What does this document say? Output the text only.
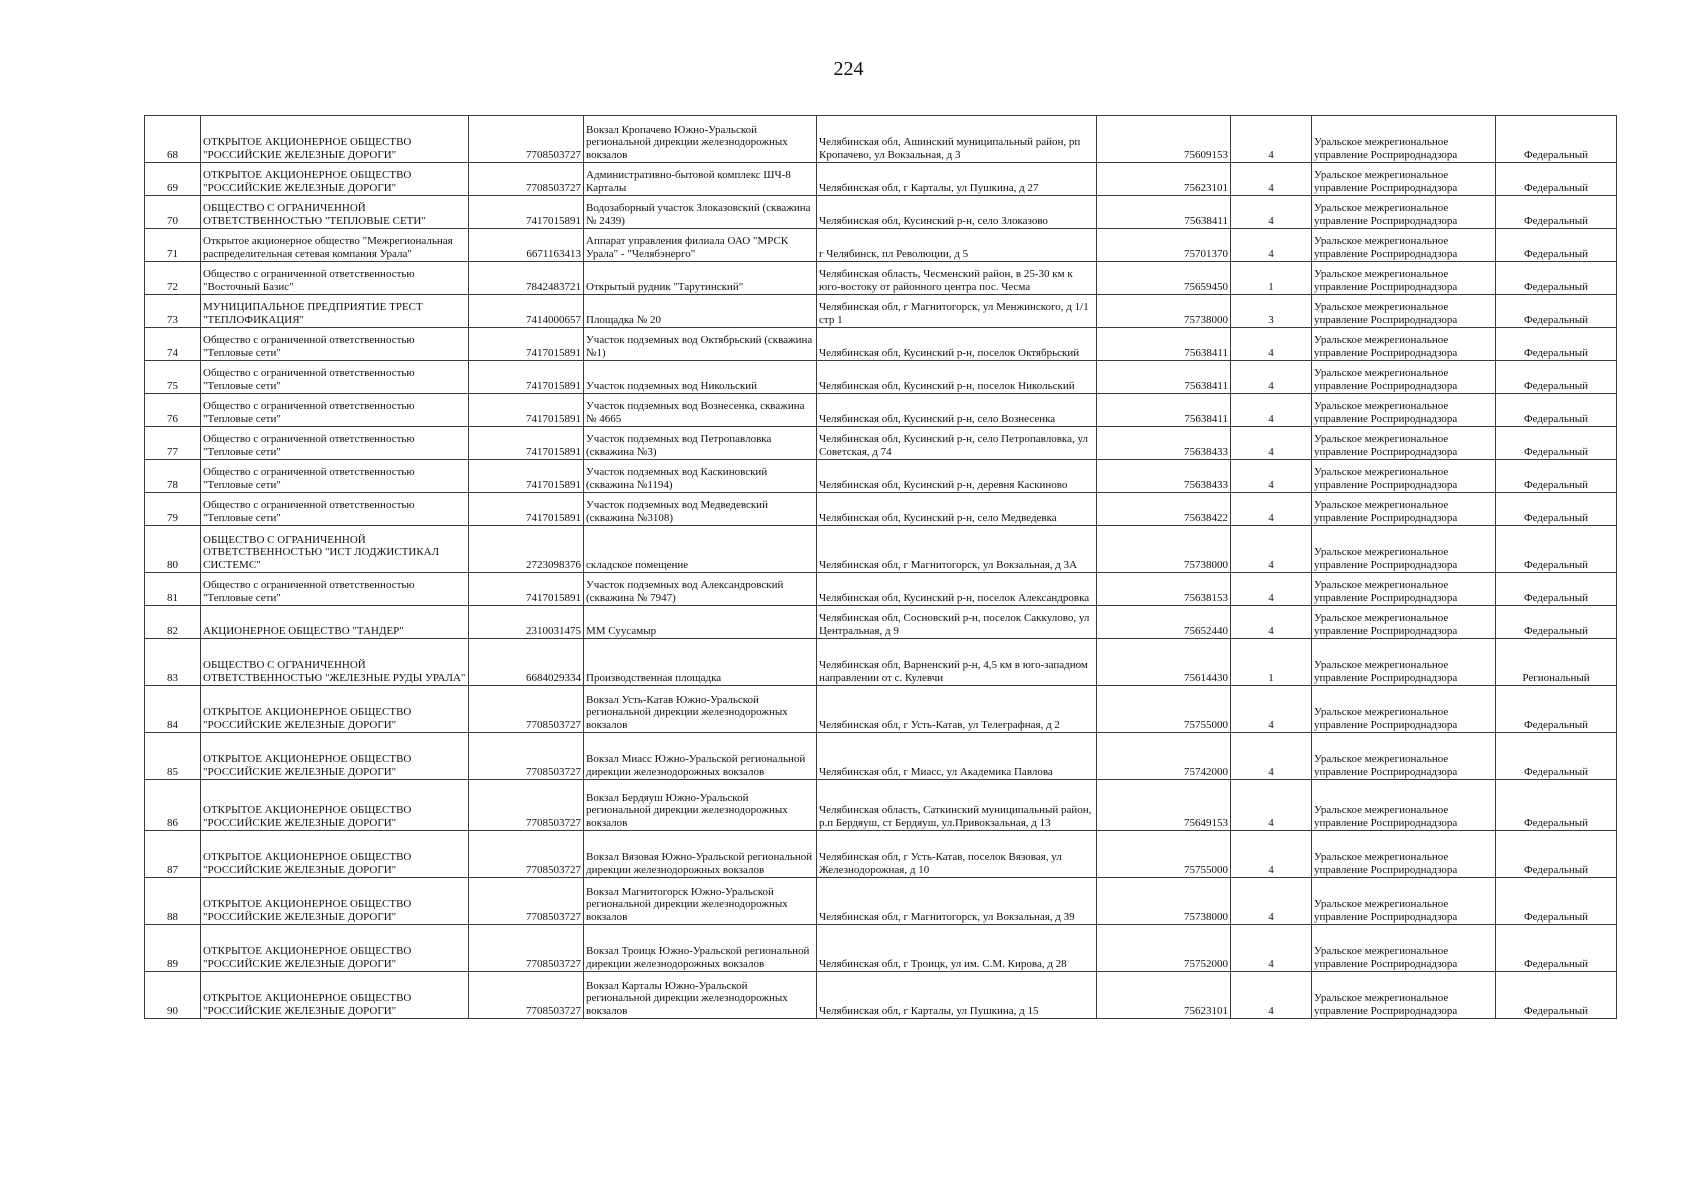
224
68	ОТКРЫТОЕ АКЦИОНЕРНОЕ ОБЩЕСТВО "РОССИЙСКИЕ ЖЕЛЕЗНЫЕ ДОРОГИ"	7708503727	Вокзал Кропачево Южно-Уральской региональной дирекции железнодорожных вокзалов	Челябинская обл, Ашинский муниципальный район, рп Кропачево, ул Вокзальная, д 3	75609153	4	Уральское межрегиональное управление Росприроднадзора	Федеральный
69	ОТКРЫТОЕ АКЦИОНЕРНОЕ ОБЩЕСТВО "РОССИЙСКИЕ ЖЕЛЕЗНЫЕ ДОРОГИ"	7708503727	Административно-бытовой комплекс ШЧ-8 Карталы	Челябинская обл, г Карталы, ул Пушкина, д 27	75623101	4	Уральское межрегиональное управление Росприроднадзора	Федеральный
70	ОБЩЕСТВО С ОГРАНИЧЕННОЙ ОТВЕТСТВЕННОСТЬЮ "ТЕПЛОВЫЕ СЕТИ"	7417015891	Водозаборный участок Злоказовский (скважина № 2439)	Челябинская обл, Кусинский р-н, село Злоказово	75638411	4	Уральское межрегиональное управление Росприроднадзора	Федеральный
71	Открытое акционерное общество "Межрегиональная распределительная сетевая компания Урала"	6671163413	Аппарат управления филиала ОАО "МРСК Урала" - "Челябэнерго"	г Челябинск, пл Революции, д 5	75701370	4	Уральское межрегиональное управление Росприроднадзора	Федеральный
72	Общество с ограниченной ответственностью "Восточный Базис"	7842483721	Открытый рудник "Тарутинский"	Челябинская область, Чесменский район, в 25-30 км к юго-востоку от районного центра пос. Чесма	75659450	1	Уральское межрегиональное управление Росприроднадзора	Федеральный
73	МУНИЦИПАЛЬНОЕ ПРЕДПРИЯТИЕ ТРЕСТ "ТЕПЛОФИКАЦИЯ"	7414000657	Площадка № 20	Челябинская обл, г Магнитогорск, ул Менжинского, д 1/1 стр 1	75738000	3	Уральское межрегиональное управление Росприроднадзора	Федеральный
74	Общество с ограниченной ответственностью "Тепловые сети"	7417015891	Участок подземных вод Октябрьский (скважина №1)	Челябинская обл, Кусинский р-н, поселок Октябрьский	75638411	4	Уральское межрегиональное управление Росприроднадзора	Федеральный
75	Общество с ограниченной ответственностью "Тепловые сети"	7417015891	Участок подземных вод Никольский	Челябинская обл, Кусинский р-н, поселок Никольский	75638411	4	Уральское межрегиональное управление Росприроднадзора	Федеральный
76	Общество с ограниченной ответственностью "Тепловые сети"	7417015891	Участок подземных вод Вознесенка, скважина № 4665	Челябинская обл, Кусинский р-н, село Вознесенка	75638411	4	Уральское межрегиональное управление Росприроднадзора	Федеральный
77	Общество с ограниченной ответственностью "Тепловые сети"	7417015891	Участок подземных вод Петропавловка (скважина №3)	Челябинская обл, Кусинский р-н, село Петропавловка, ул Советская, д 74	75638433	4	Уральское межрегиональное управление Росприроднадзора	Федеральный
78	Общество с ограниченной ответственностью "Тепловые сети"	7417015891	Участок подземных вод Каскиновский (скважина №1194)	Челябинская обл, Кусинский р-н, деревня Каскиново	75638433	4	Уральское межрегиональное управление Росприроднадзора	Федеральный
79	Общество с ограниченной ответственностью "Тепловые сети"	7417015891	Участок подземных вод Медведевский (скважина №3108)	Челябинская обл, Кусинский р-н, село Медведевка	75638422	4	Уральское межрегиональное управление Росприроднадзора	Федеральный
80	ОБЩЕСТВО С ОГРАНИЧЕННОЙ ОТВЕТСТВЕННОСТЬЮ "ИСТ ЛОДЖИСТИКАЛ СИСТЕМС"	2723098376	складское помещение	Челябинская обл, г Магнитогорск, ул Вокзальная, д 3А	75738000	4	Уральское межрегиональное управление Росприроднадзора	Федеральный
81	Общество с ограниченной ответственностью "Тепловые сети"	7417015891	Участок подземных вод Александровский (скважина № 7947)	Челябинская обл, Кусинский р-н, поселок Александровка	75638153	4	Уральское межрегиональное управление Росприроднадзора	Федеральный
82	АКЦИОНЕРНОЕ ОБЩЕСТВО "ТАНДЕР"	2310031475	ММ Суусамыр	Челябинская обл, Сосновский р-н, поселок Саккулово, ул Центральная, д 9	75652440	4	Уральское межрегиональное управление Росприроднадзора	Федеральный
83	ОБЩЕСТВО С ОГРАНИЧЕННОЙ ОТВЕТСТВЕННОСТЬЮ "ЖЕЛЕЗНЫЕ РУДЫ УРАЛА"	6684029334	Производственная площадка	Челябинская обл, Варненский р-н, 4,5 км в юго-западном направлении от с. Кулевчи	75614430	1	Уральское межрегиональное управление Росприроднадзора	Региональный
84	ОТКРЫТОЕ АКЦИОНЕРНОЕ ОБЩЕСТВО "РОССИЙСКИЕ ЖЕЛЕЗНЫЕ ДОРОГИ"	7708503727	Вокзал Усть-Катав Южно-Уральской региональной дирекции железнодорожных вокзалов	Челябинская обл, г Усть-Катав, ул Телеграфная, д 2	75755000	4	Уральское межрегиональное управление Росприроднадзора	Федеральный
85	ОТКРЫТОЕ АКЦИОНЕРНОЕ ОБЩЕСТВО "РОССИЙСКИЕ ЖЕЛЕЗНЫЕ ДОРОГИ"	7708503727	Вокзал Миасс Южно-Уральской региональной дирекции железнодорожных вокзалов	Челябинская обл, г Миасс, ул Академика Павлова	75742000	4	Уральское межрегиональное управление Росприроднадзора	Федеральный
86	ОТКРЫТОЕ АКЦИОНЕРНОЕ ОБЩЕСТВО "РОССИЙСКИЕ ЖЕЛЕЗНЫЕ ДОРОГИ"	7708503727	Вокзал Бердяуш Южно-Уральской региональной дирекции железнодорожных вокзалов	Челябинская область, Саткинский муниципальный район, р.п Бердяуш, ст Бердяуш, ул.Привокзальная, д 13	75649153	4	Уральское межрегиональное управление Росприроднадзора	Федеральный
87	ОТКРЫТОЕ АКЦИОНЕРНОЕ ОБЩЕСТВО "РОССИЙСКИЕ ЖЕЛЕЗНЫЕ ДОРОГИ"	7708503727	Вокзал Вязовая Южно-Уральской региональной дирекции железнодорожных вокзалов	Челябинская обл, г Усть-Катав, поселок Вязовая, ул Железнодорожная, д 10	75755000	4	Уральское межрегиональное управление Росприроднадзора	Федеральный
88	ОТКРЫТОЕ АКЦИОНЕРНОЕ ОБЩЕСТВО "РОССИЙСКИЕ ЖЕЛЕЗНЫЕ ДОРОГИ"	7708503727	Вокзал Магнитогорск Южно-Уральской региональной дирекции железнодорожных вокзалов	Челябинская обл, г Магнитогорск, ул Вокзальная, д 39	75738000	4	Уральское межрегиональное управление Росприроднадзора	Федеральный
89	ОТКРЫТОЕ АКЦИОНЕРНОЕ ОБЩЕСТВО "РОССИЙСКИЕ ЖЕЛЕЗНЫЕ ДОРОГИ"	7708503727	Вокзал Троицк Южно-Уральской региональной дирекции железнодорожных вокзалов	Челябинская обл, г Троицк, ул им. С.М. Кирова, д 28	75752000	4	Уральское межрегиональное управление Росприроднадзора	Федеральный
90	ОТКРЫТОЕ АКЦИОНЕРНОЕ ОБЩЕСТВО "РОССИЙСКИЕ ЖЕЛЕЗНЫЕ ДОРОГИ"	7708503727	Вокзал Карталы Южно-Уральской региональной дирекции железнодорожных вокзалов	Челябинская обл, г Карталы, ул Пушкина, д 15	75623101	4	Уральское межрегиональное управление Росприроднадзора	Федеральный
